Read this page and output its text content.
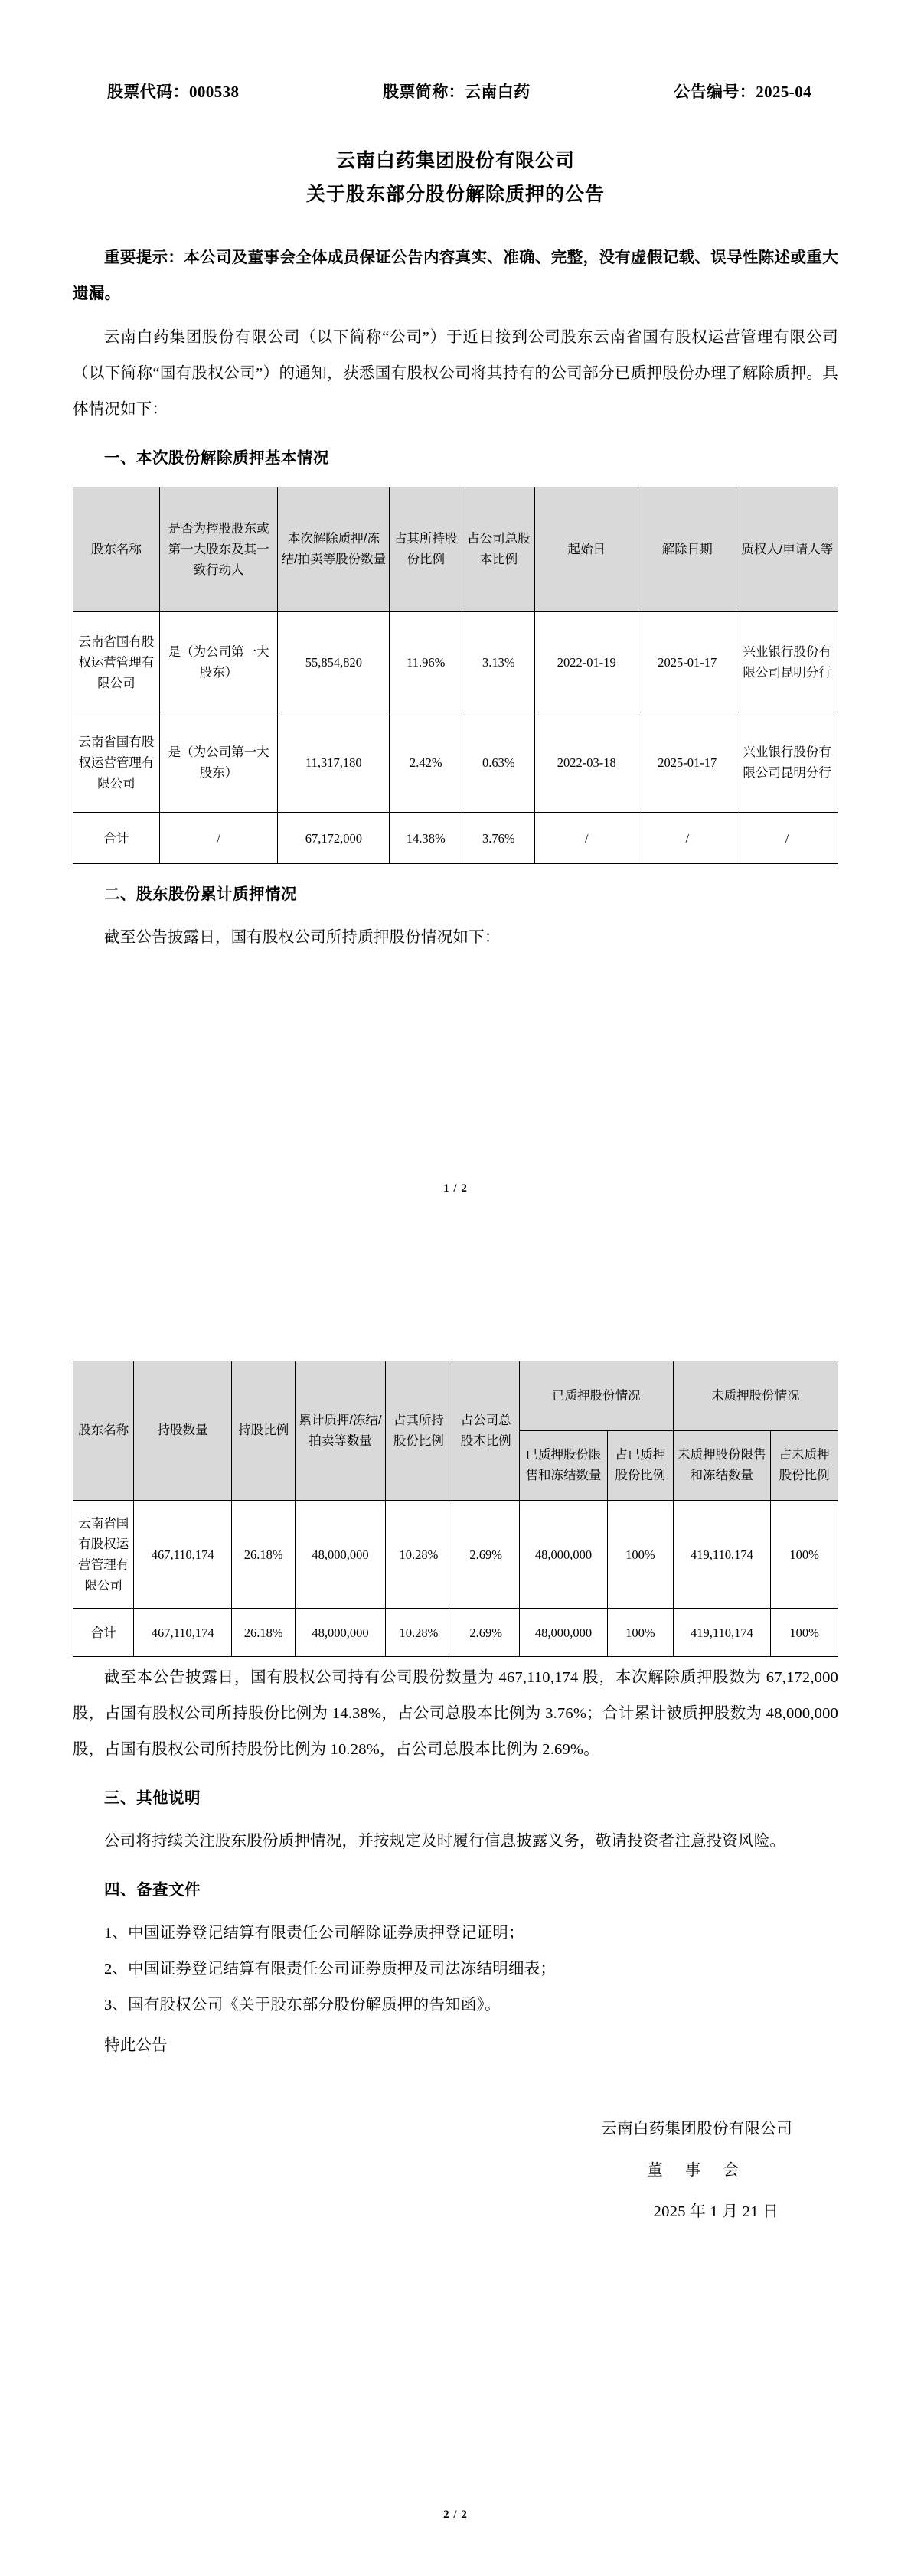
股票代码：000538	股票简称：云南白药	公告编号：2025-04
云南白药集团股份有限公司
关于股东部分股份解除质押的公告

重要提示：本公司及董事会全体成员保证公告内容真实、准确、完整，没有虚假记载、误导性陈述或重大遗漏。

云南白药集团股份有限公司（以下简称“公司”）于近日接到公司股东云南省国有股权运营管理有限公司（以下简称“国有股权公司”）的通知，获悉国有股权公司将其持有的公司部分已质押股份办理了解除质押。具体情况如下：

一、本次股份解除质押基本情况
股东名称	是否为控股股东或第一大股东及其一致行动人	本次解除质押/冻结/拍卖等股份数量	占其所持股份比例	占公司总股本比例	起始日	解除日期	质权人/申请人等
云南省国有股权运营管理有限公司	是（为公司第一大股东）	55,854,820	11.96%	3.13%	2022-01-19	2025-01-17	兴业银行股份有限公司昆明分行
云南省国有股权运营管理有限公司	是（为公司第一大股东）	11,317,180	2.42%	0.63%	2022-03-18	2025-01-17	兴业银行股份有限公司昆明分行
合计	/	67,172,000	14.38%	3.76%	/	/	/
二、股东股份累计质押情况

截至公告披露日，国有股权公司所持质押股份情况如下：

1 / 2
股东名称	持股数量	持股比例	累计质押/冻结/拍卖等数量	占其所持股份比例	占公司总股本比例	已质押股份情况		未质押股份情况	
						已质押股份限售和冻结数量	占已质押股份比例	未质押股份限售和冻结数量	占未质押股份比例
云南省国有股权运营管理有限公司	467,110,174	26.18%	48,000,000	10.28%	2.69%	48,000,000	100%	419,110,174	100%
合计	467,110,174	26.18%	48,000,000	10.28%	2.69%	48,000,000	100%	419,110,174	100%

截至本公告披露日，国有股权公司持有公司股份数量为 467,110,174 股，本次解除质押股数为 67,172,000 股，占国有股权公司所持股份比例为 14.38%，占公司总股本比例为 3.76%；合计累计被质押股数为 48,000,000 股，占国有股权公司所持股份比例为 10.28%，占公司总股本比例为 2.69%。

三、其他说明

公司将持续关注股东股份质押情况，并按规定及时履行信息披露义务，敬请投资者注意投资风险。

四、备查文件

1、中国证券登记结算有限责任公司解除证券质押登记证明；

2、中国证券登记结算有限责任公司证券质押及司法冻结明细表；

3、国有股权公司《关于股东部分股份解质押的告知函》。

特此公告

云南白药集团股份有限公司
董 事 会
2025 年 1 月 21 日
2 / 2
